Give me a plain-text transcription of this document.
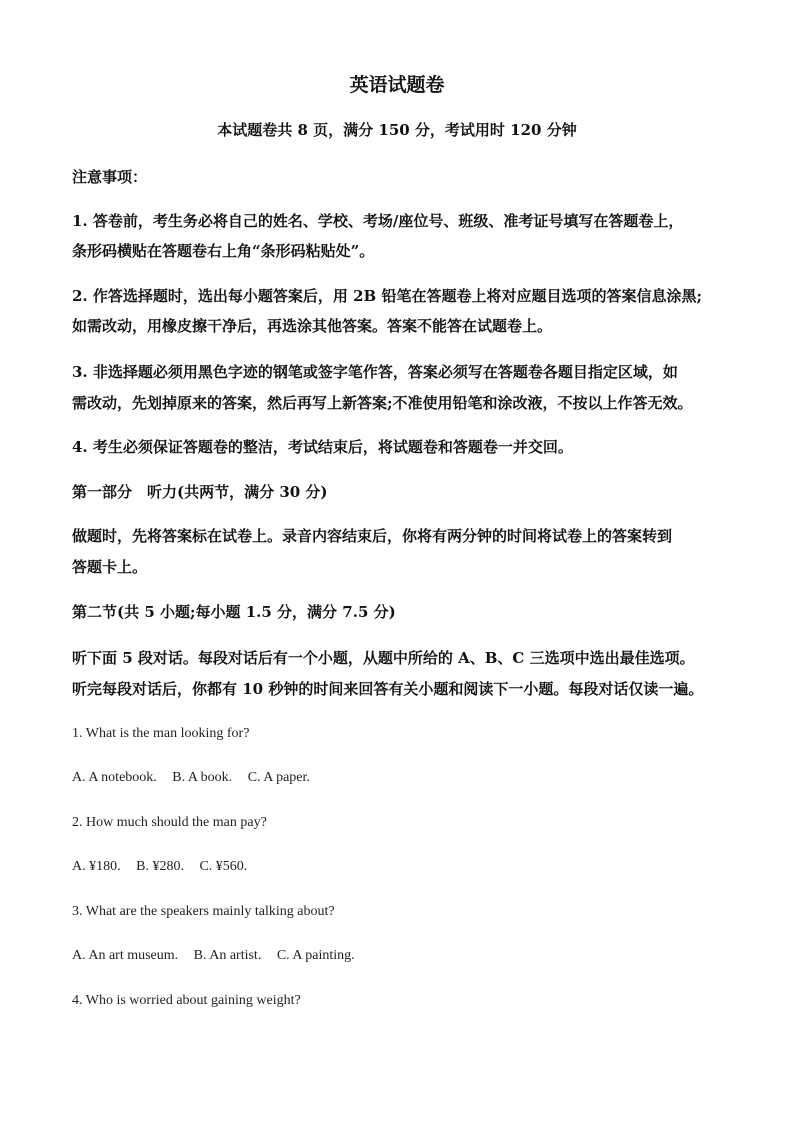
英语试题卷
本试题卷共 8 页，满分 150 分，考试用时 120 分钟
注意事项：
1. 答卷前，考生务必将自己的姓名、学校、考场/座位号、班级、准考证号填写在答题卷上，
条形码横贴在答题卷右上角“条形码粘贴处”。
2. 作答选择题时，选出每小题答案后，用 2B 铅笔在答题卷上将对应题目选项的答案信息涂黑;
如需改动，用橡皮擦干净后，再选涂其他答案。答案不能答在试题卷上。
3. 非选择题必须用黑色字迹的钢笔或签字笔作答，答案必须写在答题卷各题目指定区域，如
需改动，先划掉原来的答案，然后再写上新答案;不准使用铅笔和涂改液，不按以上作答无效。
4. 考生必须保证答题卷的整洁，考试结束后，将试题卷和答题卷一并交回。
第一部分　听力(共两节，满分 30 分)
做题时，先将答案标在试卷上。录音内容结束后，你将有两分钟的时间将试卷上的答案转到
答题卡上。
第二节(共 5 小题;每小题 1.5 分，满分 7.5 分)
听下面 5 段对话。每段对话后有一个小题，从题中所给的 A、B、C 三选项中选出最佳选项。
听完每段对话后，你都有 10 秒钟的时间来回答有关小题和阅读下一小题。每段对话仅读一遍。
1. What is the man looking for?
A. A notebook. B. A book. C. A paper.
2. How much should the man pay?
A. ¥180. B. ¥280. C. ¥560.
3. What are the speakers mainly talking about?
A. An art museum. B. An artist. C. A painting.
4. Who is worried about gaining weight?
